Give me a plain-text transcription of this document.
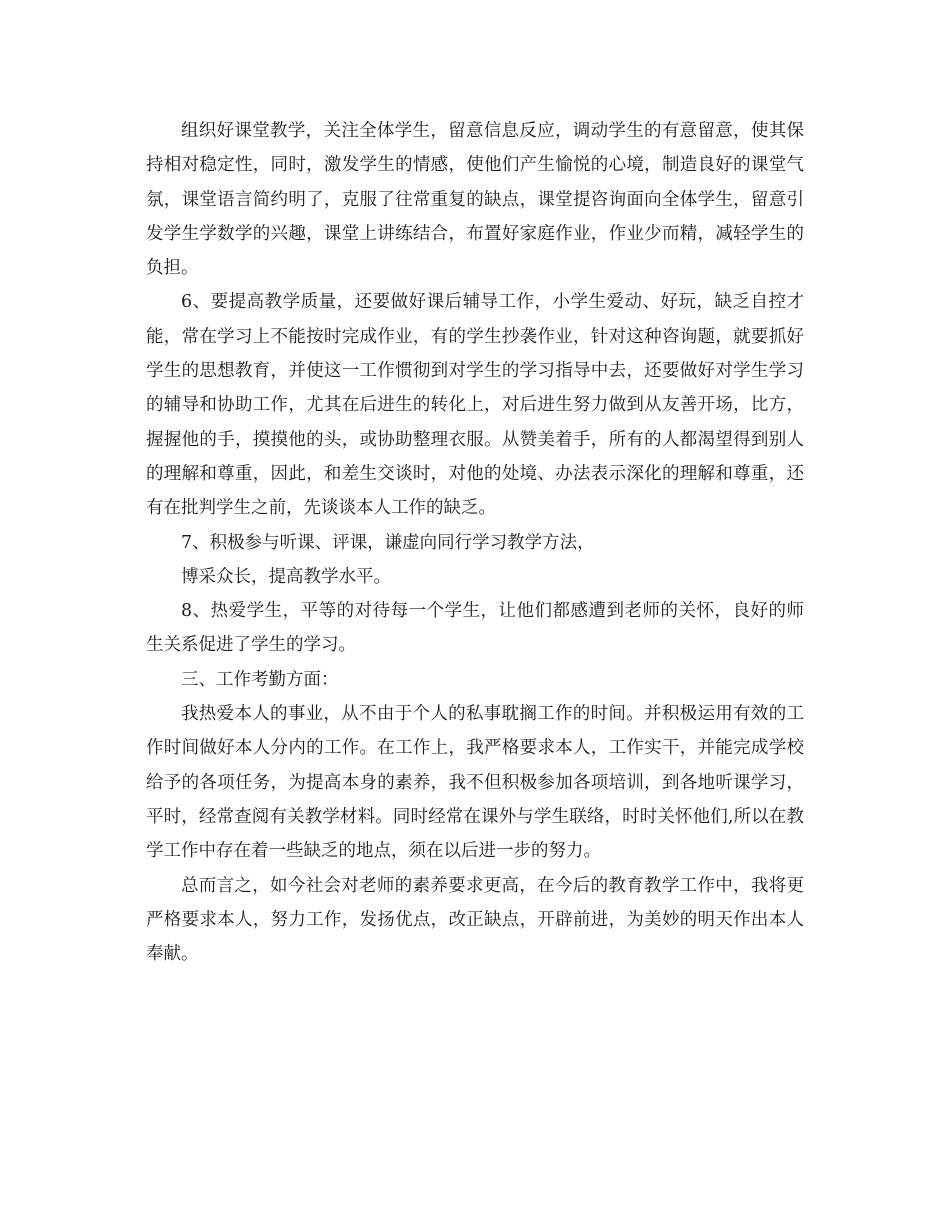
组织好课堂教学，关注全体学生，留意信息反应，调动学生的有意留意，使其保持相对稳定性，同时，激发学生的情感，使他们产生愉悦的心境，制造良好的课堂气氛，课堂语言简约明了，克服了往常重复的缺点，课堂提咨询面向全体学生，留意引发学生学数学的兴趣，课堂上讲练结合，布置好家庭作业，作业少而精，减轻学生的负担。

6、要提高教学质量，还要做好课后辅导工作，小学生爱动、好玩，缺乏自控才能，常在学习上不能按时完成作业，有的学生抄袭作业，针对这种咨询题，就要抓好学生的思想教育，并使这一工作惯彻到对学生的学习指导中去，还要做好对学生学习的辅导和协助工作，尤其在后进生的转化上，对后进生努力做到从友善开场，比方，握握他的手，摸摸他的头，或协助整理衣服。从赞美着手，所有的人都渴望得到别人的理解和尊重，因此，和差生交谈时，对他的处境、办法表示深化的理解和尊重，还有在批判学生之前，先谈谈本人工作的缺乏。

7、积极参与听课、评课，谦虚向同行学习教学方法，

博采众长，提高教学水平。

8、热爱学生，平等的对待每一个学生，让他们都感遭到老师的关怀，良好的师生关系促进了学生的学习。

三、工作考勤方面：

我热爱本人的事业，从不由于个人的私事耽搁工作的时间。并积极运用有效的工作时间做好本人分内的工作。在工作上，我严格要求本人，工作实干，并能完成学校给予的各项任务，为提高本身的素养，我不但积极参加各项培训，到各地听课学习，平时，经常查阅有关教学材料。同时经常在课外与学生联络，时时关怀他们,所以在教学工作中存在着一些缺乏的地点，须在以后进一步的努力。

总而言之，如今社会对老师的素养要求更高，在今后的教育教学工作中，我将更严格要求本人，努力工作，发扬优点，改正缺点，开辟前进，为美妙的明天作出本人奉献。
